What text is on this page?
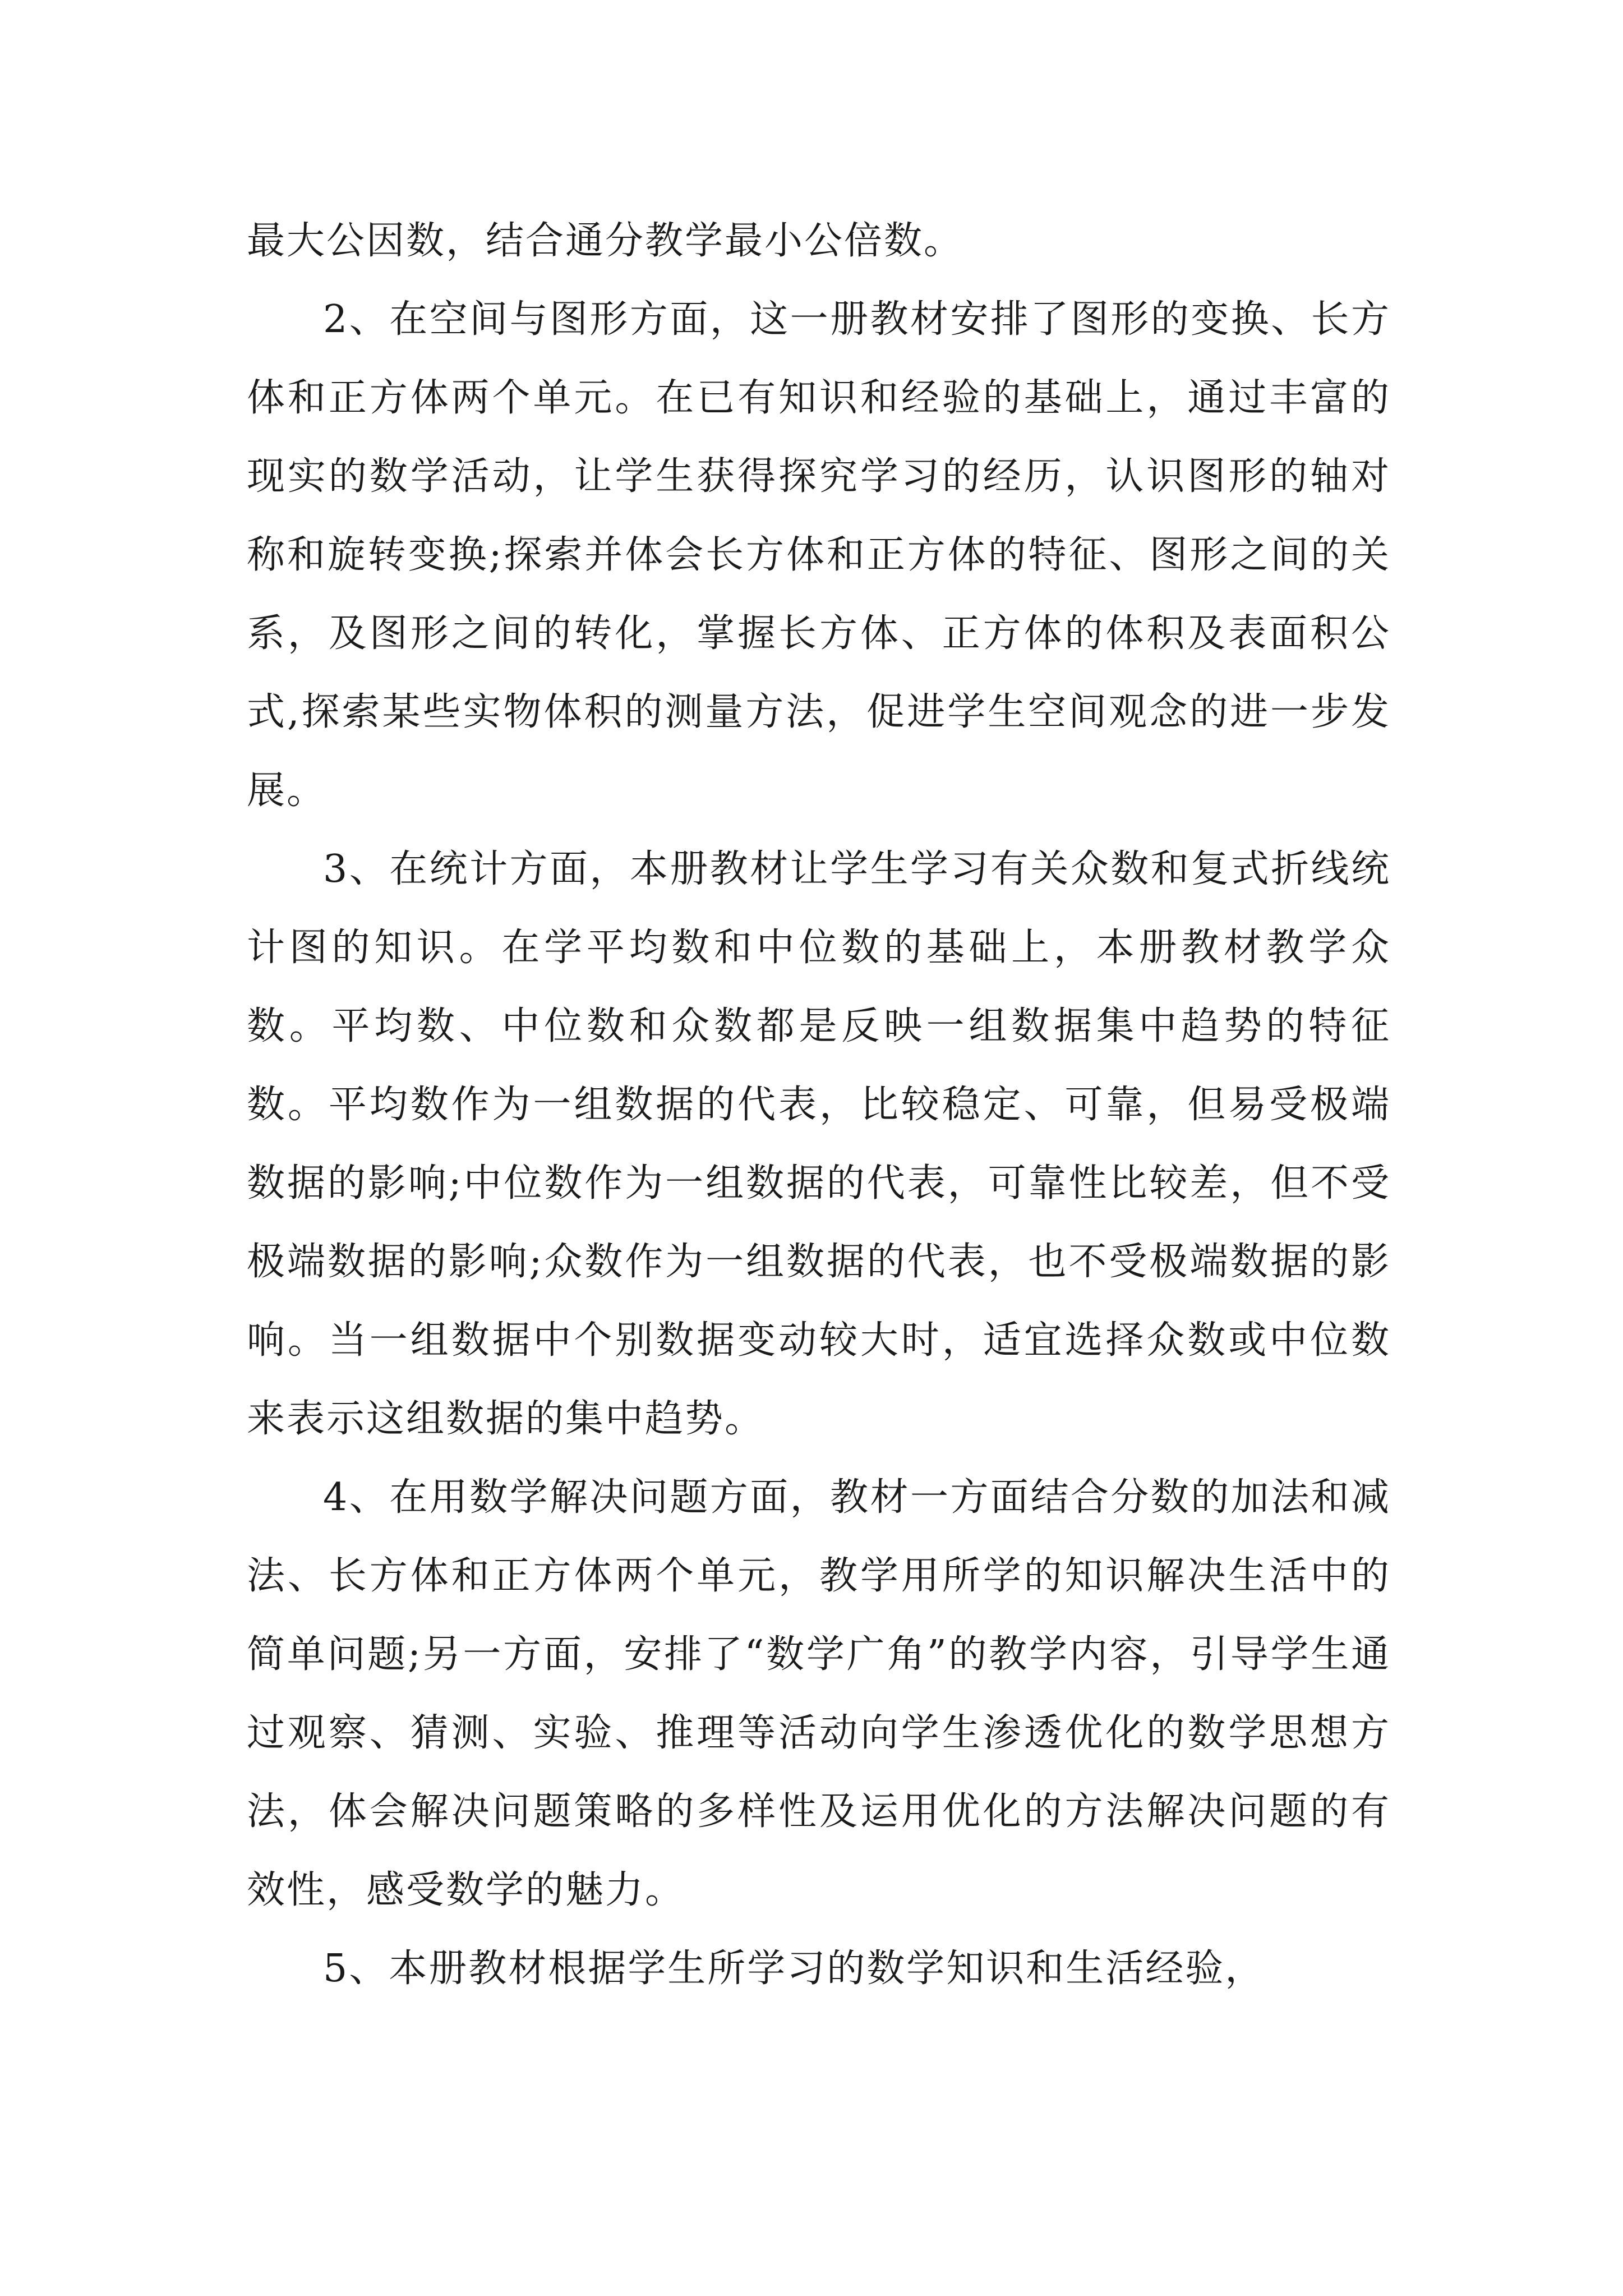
最大公因数，结合通分教学最小公倍数。

2、在空间与图形方面，这一册教材安排了图形的变换、长方体和正方体两个单元。在已有知识和经验的基础上，通过丰富的现实的数学活动，让学生获得探究学习的经历，认识图形的轴对称和旋转变换;探索并体会长方体和正方体的特征、图形之间的关系，及图形之间的转化，掌握长方体、正方体的体积及表面积公式,探索某些实物体积的测量方法，促进学生空间观念的进一步发展。

3、在统计方面，本册教材让学生学习有关众数和复式折线统计图的知识。在学平均数和中位数的基础上，本册教材教学众数。平均数、中位数和众数都是反映一组数据集中趋势的特征数。平均数作为一组数据的代表，比较稳定、可靠，但易受极端数据的影响;中位数作为一组数据的代表，可靠性比较差，但不受极端数据的影响;众数作为一组数据的代表，也不受极端数据的影响。当一组数据中个别数据变动较大时，适宜选择众数或中位数来表示这组数据的集中趋势。

4、在用数学解决问题方面，教材一方面结合分数的加法和减法、长方体和正方体两个单元，教学用所学的知识解决生活中的简单问题;另一方面，安排了“数学广角”的教学内容，引导学生通过观察、猜测、实验、推理等活动向学生渗透优化的数学思想方法，体会解决问题策略的多样性及运用优化的方法解决问题的有效性，感受数学的魅力。

5、本册教材根据学生所学习的数学知识和生活经验，
